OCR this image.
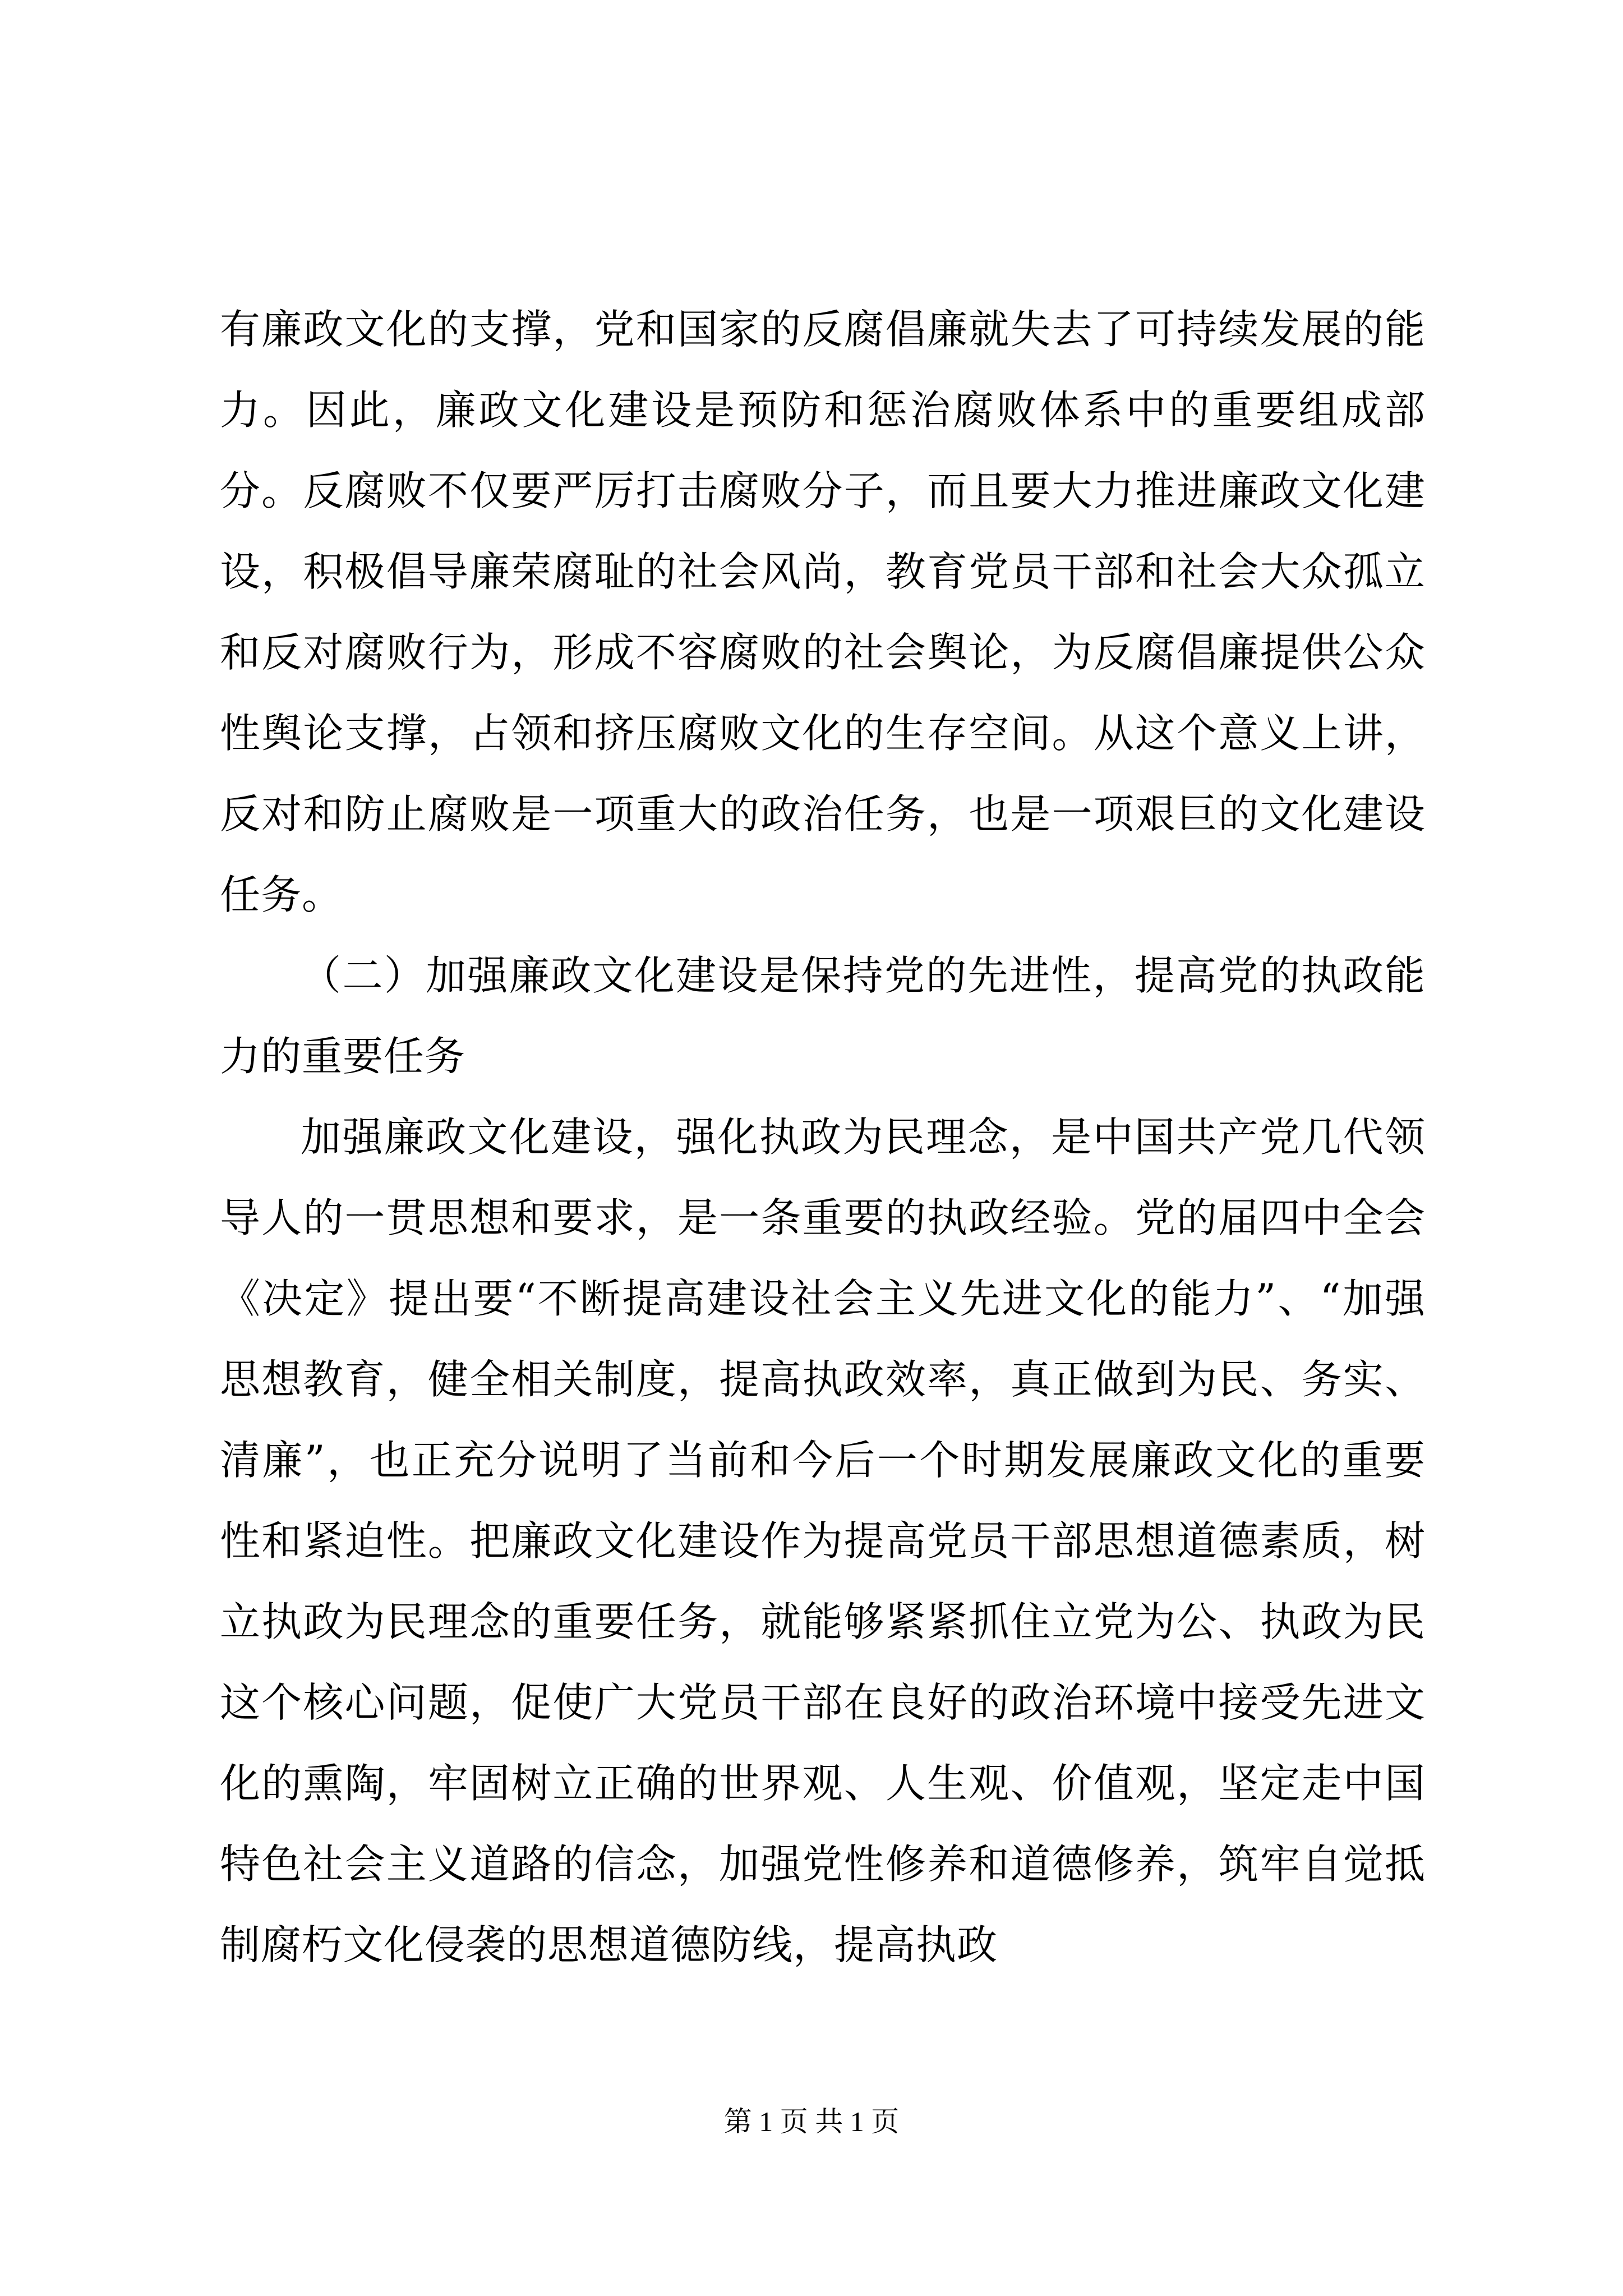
有廉政文化的支撑，党和国家的反腐倡廉就失去了可持续发展的能力。因此，廉政文化建设是预防和惩治腐败体系中的重要组成部分。反腐败不仅要严厉打击腐败分子，而且要大力推进廉政文化建设，积极倡导廉荣腐耻的社会风尚，教育党员干部和社会大众孤立和反对腐败行为，形成不容腐败的社会舆论，为反腐倡廉提供公众性舆论支撑，占领和挤压腐败文化的生存空间。从这个意义上讲，反对和防止腐败是一项重大的政治任务，也是一项艰巨的文化建设任务。

（二）加强廉政文化建设是保持党的先进性，提高党的执政能力的重要任务

加强廉政文化建设，强化执政为民理念，是中国共产党几代领导人的一贯思想和要求，是一条重要的执政经验。党的届四中全会《决定》提出要“不断提高建设社会主义先进文化的能力”、“加强思想教育，健全相关制度，提高执政效率，真正做到为民、务实、清廉”，也正充分说明了当前和今后一个时期发展廉政文化的重要性和紧迫性。把廉政文化建设作为提高党员干部思想道德素质，树立执政为民理念的重要任务，就能够紧紧抓住立党为公、执政为民这个核心问题，促使广大党员干部在良好的政治环境中接受先进文化的熏陶，牢固树立正确的世界观、人生观、价值观，坚定走中国特色社会主义道路的信念，加强党性修养和道德修养，筑牢自觉抵制腐朽文化侵袭的思想道德防线，提高执政

第 1 页 共 1 页
